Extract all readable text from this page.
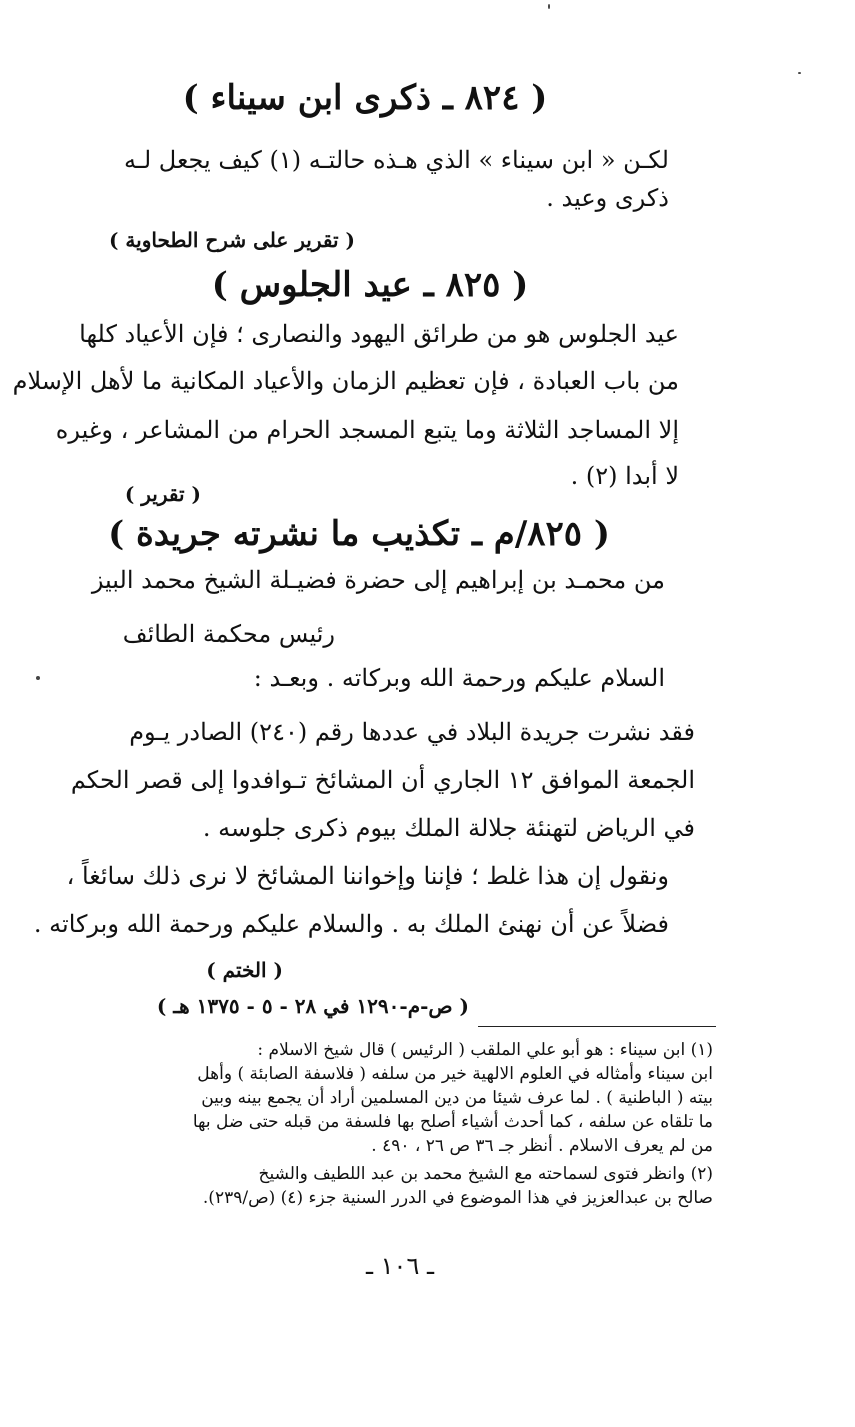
( ٨٢٤ ـ ذكرى ابن سيناء )
لكـن « ابن سيناء » الذي هـذه حالتـه (١) كيف يجعل لـه
ذكرى وعيد .
( تقرير على شرح الطحاوية )
( ٨٢٥ ـ عيد الجلوس )
عيد الجلوس هو من طرائق اليهود والنصارى ؛ فإن الأعياد كلها
من باب العبادة ، فإن تعظيم الزمان والأعياد المكانية ما لأهل الإسلام
إلا المساجد الثلاثة وما يتبع المسجد الحرام من المشاعر ، وغيره
لا أبدا (٢) .
( تقرير )
( ٨٢٥/م ـ تكذيب ما نشرته جريدة )
من محمـد بن إبراهيم إلى حضرة فضيـلة الشيخ محمد البيز
رئيس محكمة الطائف
السلام عليكم ورحمة الله وبركاته . وبعـد :
فقد نشرت جريدة البلاد في عددها رقم (٢٤٠) الصادر يـوم
الجمعة الموافق ١٢ الجاري أن المشائخ تـوافدوا إلى قصر الحكم
في الرياض لتهنئة جلالة الملك بيوم ذكرى جلوسه .
ونقول إن هذا غلط ؛ فإننا وإخواننا المشائخ لا نرى ذلك سائغاً ،
فضلاً عن أن نهنئ الملك به . والسلام عليكم ورحمة الله وبركاته .
( الختم )
( ص-م-١٢٩٠ في ٢٨ - ٥ - ١٣٧٥ هـ )
(١) ابن سيناء : هو أبو علي الملقب ( الرئيس ) قال شيخ الاسلام :
ابن سيناء وأمثاله في العلوم الالهية خير من سلفه ( فلاسفة الصابئة ) وأهل
بيته ( الباطنية ) . لما عرف شيئا من دين المسلمين أراد أن يجمع بينه وبين
ما تلقاه عن سلفه ، كما أحدث أشياء أصلح بها فلسفة من قبله حتى ضل بها
من لم يعرف الاسلام . أنظر جـ ٣٦ ص ٢٦ ، ٤٩٠ .
(٢) وانظر فتوى لسماحته مع الشيخ محمد بن عبد اللطيف والشيخ
صالح بن عبدالعزيز في هذا الموضوع في الدرر السنية جزء (٤) (ص/٢٣٩).
ـ ١٠٦ ـ
